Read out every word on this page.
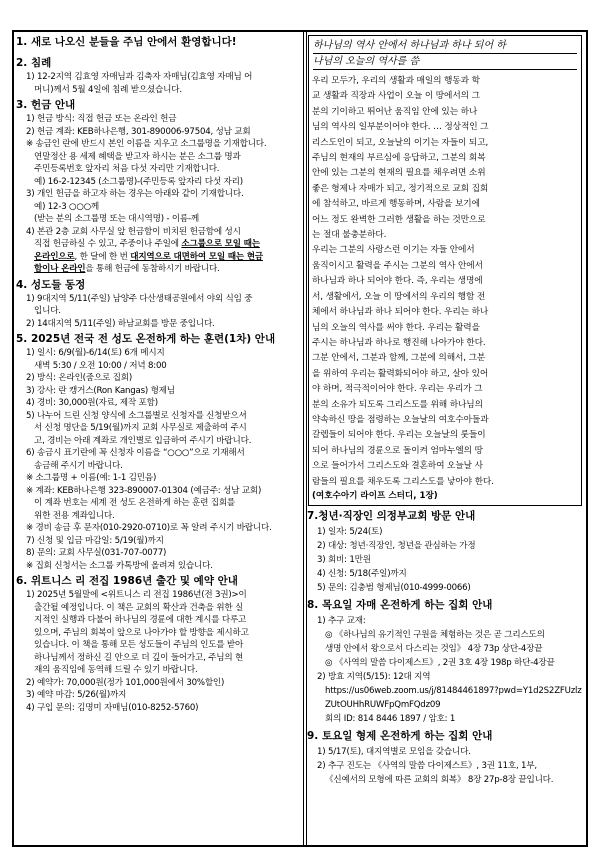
1. 새로 나오신 분들을 주님 안에서 환영합니다!
2. 침례
1) 12-2지역 김효영 자매님과 김축자 자매님(김효영 자매님 어
머니)께서 5월 4일에 침례 받으셨습니다.
3. 헌금 안내
1) 헌금 방식: 직접 헌금 또는 온라인 헌금
2) 헌금 계좌: KEB하나은행, 301-890006-97504, 성남 교회
※ 송금인 란에 반드시 본인 이름을 지우고 소그룹명을 기재합니다.
연말정산 용 세제 혜택을 받고자 하시는 분은 소그룹 명과
주민등록번호 앞자리 처음 다섯 자리만 기재합니다.
예) 16-2-12345 (소그룹명)-(주민등록 앞자리 다섯 자리)
3) 개인 헌금을 하고자 하는 경우는 아래와 같이 기재합니다.
예) 12-3 ○○○께
(받는 분의 소그룹명 또는 대시역명) - 이름-께
4) 본관 2층 교회 사무실 앞 헌금함이 비치된 헌금함에 성시
직접 헌금하실 수 있고, 주중이나 주일에 소그룹으로 모일 때는
온라인으로, 한 달에 한 번 대지역으로 대면하여 모일 때는 현금
함이나 온라인을 통해 헌금에 동참하시기 바랍니다.
4. 성도들 동정
1) 9대지역 5/11(주일) 남양주 다산생태공원에서 야외 식임 중
입니다.
2) 14대지역 5/11(주일) 하남교회를 방문 중입니다.
5. 2025년 전국 전 성도 온전하게 하는 훈련(1차) 안내
1) 일시: 6/9(월)-6/14(토) 6개 메시지
새벽 5:30 / 오전 10:00 / 저녁 8:00
2) 방식: 온라인(줌으로 집회)
3) 강사: 란 캥거스(Ron Kangas) 형제님
4) 경비: 30,000원(자료, 제작 포함)
5) 나누어 드린 신청 양식에 소그룹별로 신청자를 신청받으셔
서 신청 명단을 5/19(월)까지 교회 사무실로 제출하여 주시
고, 경비는 아래 계좌로 개인별로 입금하여 주시기 바랍니다.
6) 송금시 표기란에 꼭 신청자 이름을 “○○○”으로 기재해서
송금해 주시기 바랍니다.
※ 소그룹명 + 이름(예: 1-1 김민음)
※ 계좌: KEB하나은행 323-890007-01304 (예금주: 성남 교회)
이 계좌 번호는 세계 전 성도 온전하게 하는 훈련 집회를
위한 전용 계좌입니다.
※ 경비 송금 후 문자(010-2920-0710)로 꼭 알려 주시기 바랍니다.
7) 신청 및 입금 마감일: 5/19(월)까지
8) 문의: 교회 사무실(031-707-0077)
※ 집회 신청서는 소그룹 카톡방에 올려져 있습니다.
6. 위트니스 리 전집 1986년 출간 및 예약 안내
1) 2025년 5월말에 <위트니스 리 전집 1986년(전 3권)>이
출간될 예정입니다. 이 책은 교회의 확산과 건축을 위한 실
지적인 실행과 다불어 하나님의 경륜에 대한 계시를 다루고
있으며, 주님의 회복이 앞으로 나아가야 할 방향을 제시하고
있습니다. 이 책을 통해 모든 성도들이 주님의 인도를 받아
하나님께서 정하신 길 안으로 더 깊이 들어가고, 주님의 현
재의 움직임에 동역해 드릴 수 있기 바랍니다.
2) 예약가: 70,000원(정가 101,000원에서 30%할인)
3) 예약 마감: 5/26(월)까지
4) 구입 문의: 김명미 자매님(010-8252-5760)
하나님의 역사 안에서 하나님과 하나 되어 하
나님의 오늘의 역사를 씀
우리 모두가, 우리의 생활과 매일의 행동과 학
교 생활과 직장과 사업이 오늘 이 땅에서의 그
분의 기이하고 뛰어난 움직임 안에 있는 하나
님의 역사의 일부분이어야 한다. … 정상적인 그
리스도인이 되고, 오늘날의 이기는 자들이 되고,
주님의 현재의 부르심에 응답하고, 그분의 회복
안에 있는 그분의 현재의 필요를 채우려면 소위
좋은 형제나 자매가 되고, 정기적으로 교회 집회
에 참석하고, 바르게 행동하며, 사람을 보기에
어느 정도 완벽한 그러한 생활을 하는 것만으로
는 절대 불충분하다.
우리는 그분의 사랑스런 이기는 자들 안에서
움직이시고 활력을 주시는 그분의 역사 안에서
하나님과 하나 되어야 한다. 즉, 우리는 생명에
서, 생활에서, 오늘 이 땅에서의 우리의 행함 전
체에서 하나님과 하나 되어야 한다. 우리는 하나
님의 오늘의 역사를 써야 한다. 우리는 활력을
주시는 하나님과 하나로 행진해 나아가야 한다.
그분 안에서, 그분과 함께, 그분에 의해서, 그분
을 위하여 우리는 활력화되어야 하고, 살아 있어
야 하며, 적극적이어야 한다. 우리는 우리가 그
분의 소유가 되도록 그리스도를 위해 하나님의
약속하신 땅을 점령하는 오늘날의 여호수아들과
갈렙들이 되어야 한다. 우리는 오늘날의 룻들이
되어 하나님의 경륜으로 돌이켜 엄마누엘의 땅
으로 들어가서 그리스도와 결혼하여 오늘날 사
람들의 필요를 채우도록 그리스도를 낳아야 한다.
(여호수아기 라이프 스터디, 1장)
7.청년·직장인 의정부교회 방문 안내
1) 일자: 5/24(토)
2) 대상: 청년·직장인, 청년을 관심하는 가정
3) 회비: 1만원
4) 신청: 5/18(주일)까지
5) 문의: 김충범 형제님(010-4999-0066)
8. 목요일 자매 온전하게 하는 집회 안내
1) 추구 교재:
◎ 《하나님의 유기적인 구원을 체험하는 것은 곧 그리스도의
생명 안에서 왕으로서 다스리는 것임》 4장 73p 상단-4장끝
◎ 《사역의 말씀 다이제스트》, 2권 3호 4장 198p 하단-4장끝
2) 방효 지역(5/15): 12대 지역
https://us06web.zoom.us/j/81484461897?pwd=Y1d2S2ZFUzlz
ZUtOUHhRUWFpQmFQdz09
회의 ID: 814 8446 1897 / 암호: 1
9. 토요일 형제 온전하게 하는 집회 안내
1) 5/17(토), 대지역별로 모임을 갖습니다.
2) 추구 진도는 《사역의 말씀 다이제스트》, 3권 11호, 1부,
《신예서의 모형에 따른 교회의 회복》 8장 27p-8장 끝입니다.
